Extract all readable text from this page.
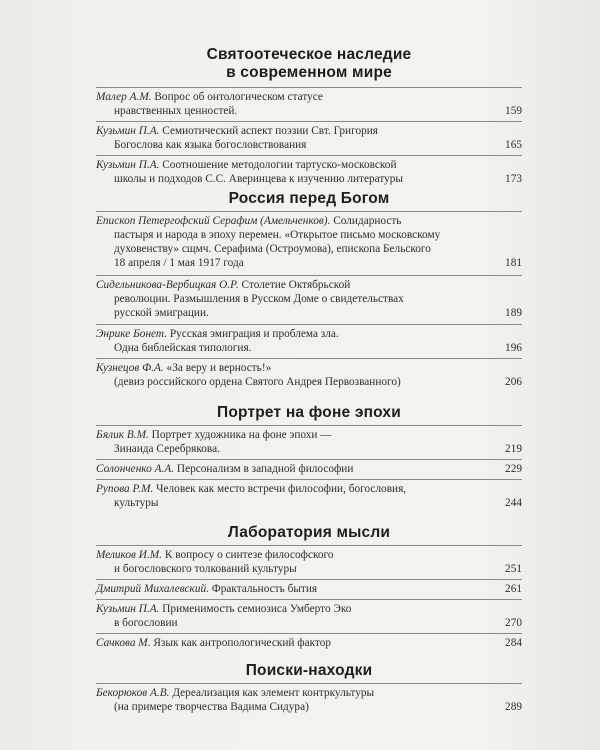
Святоотеческое наследие
в современном мире
Малер А.М. Вопрос об онтологическом статусе
нравственных ценностей.	159
Кузьмин П.А. Семиотический аспект поэзии Свт. Григория
Богослова как языка богословствования	165
Кузьмин П.А. Соотношение методологии тартуско-московской
школы и подходов С.С. Аверинцева к изучению литературы	173
Россия перед Богом
Епископ Петергофский Серафим (Амельченков). Солидарность
пастыря и народа в эпоху перемен. «Открытое письмо московскому
духовенству» сщмч. Серафима (Остроумова), епископа Бельского
18 апреля / 1 мая 1917 года	181
Сидельникова-Вербицкая О.Р. Столетие Октябрьской
революции. Размышления в Русском Доме о свидетельствах
русской эмиграции.	189
Энрике Бонет. Русская эмиграция и проблема зла.
Одна библейская типология.	196
Кузнецов Ф.А. «За веру и верность!»
(девиз российского ордена Святого Андрея Первозванного)	206
Портрет на фоне эпохи
Бялик В.М. Портрет художника на фоне эпохи —
Зинаида Серебрякова.	219
Солонченко А.А. Персонализм в западной философии	229
Рупова Р.М. Человек как место встречи философии, богословия,
культуры	244
Лаборатория мысли
Меликов И.М. К вопросу о синтезе философского
и богословского толкований культуры	251
Дмитрий Михалевский. Фрактальность бытия	261
Кузьмин П.А. Применимость семиозиса Умберто Эко
в богословии	270
Сачкова М. Язык как антропологический фактор	284
Поиски-находки
Бекорюков А.В. Дереализация как элемент контркультуры
(на примере творчества Вадима Сидура)	289
